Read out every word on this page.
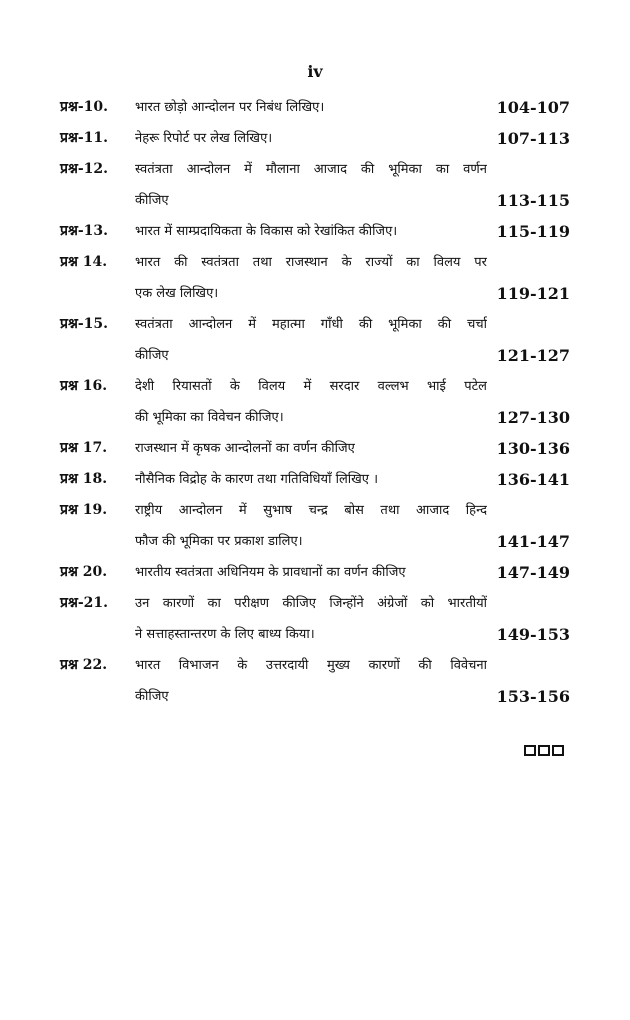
iv
प्रश्न-10. भारत छोड़ो आन्दोलन पर निबंध लिखिए।	104-107
प्रश्न-11. नेहरू रिपोर्ट पर लेख लिखिए।	107-113
प्रश्न-12. स्वतंत्रता आन्दोलन में मौलाना आजाद की भूमिका का वर्णन
कीजिए	113-115
प्रश्न-13. भारत में साम्प्रदायिकता के विकास को रेखांकित कीजिए।	115-119
प्रश्न 14. भारत की स्वतंत्रता तथा राजस्थान के राज्यों का विलय पर
एक लेख लिखिए।	119-121
प्रश्न-15. स्वतंत्रता आन्दोलन में महात्मा गाँधी की भूमिका की चर्चा
कीजिए	121-127
प्रश्न 16. देशी रियासतों के विलय में सरदार वल्लभ भाई पटेल
की भूमिका का विवेचन कीजिए।	127-130
प्रश्न 17. राजस्थान में कृषक आन्दोलनों का वर्णन कीजिए	130-136
प्रश्न 18. नौसैनिक विद्रोह के कारण तथा गतिविधियाँ लिखिए ।	136-141
प्रश्न 19. राष्ट्रीय आन्दोलन में सुभाष चन्द्र बोस तथा आजाद हिन्द
फौज की भूमिका पर प्रकाश डालिए।	141-147
प्रश्न 20. भारतीय स्वतंत्रता अधिनियम के प्रावधानों का वर्णन कीजिए	147-149
प्रश्न-21. उन कारणों का परीक्षण कीजिए जिन्होंने अंग्रेजों को भारतीयों
ने सत्ताहस्तान्तरण के लिए बाध्य किया।	149-153
प्रश्न 22. भारत विभाजन के उत्तरदायी मुख्य कारणों की विवेचना
कीजिए	153-156
